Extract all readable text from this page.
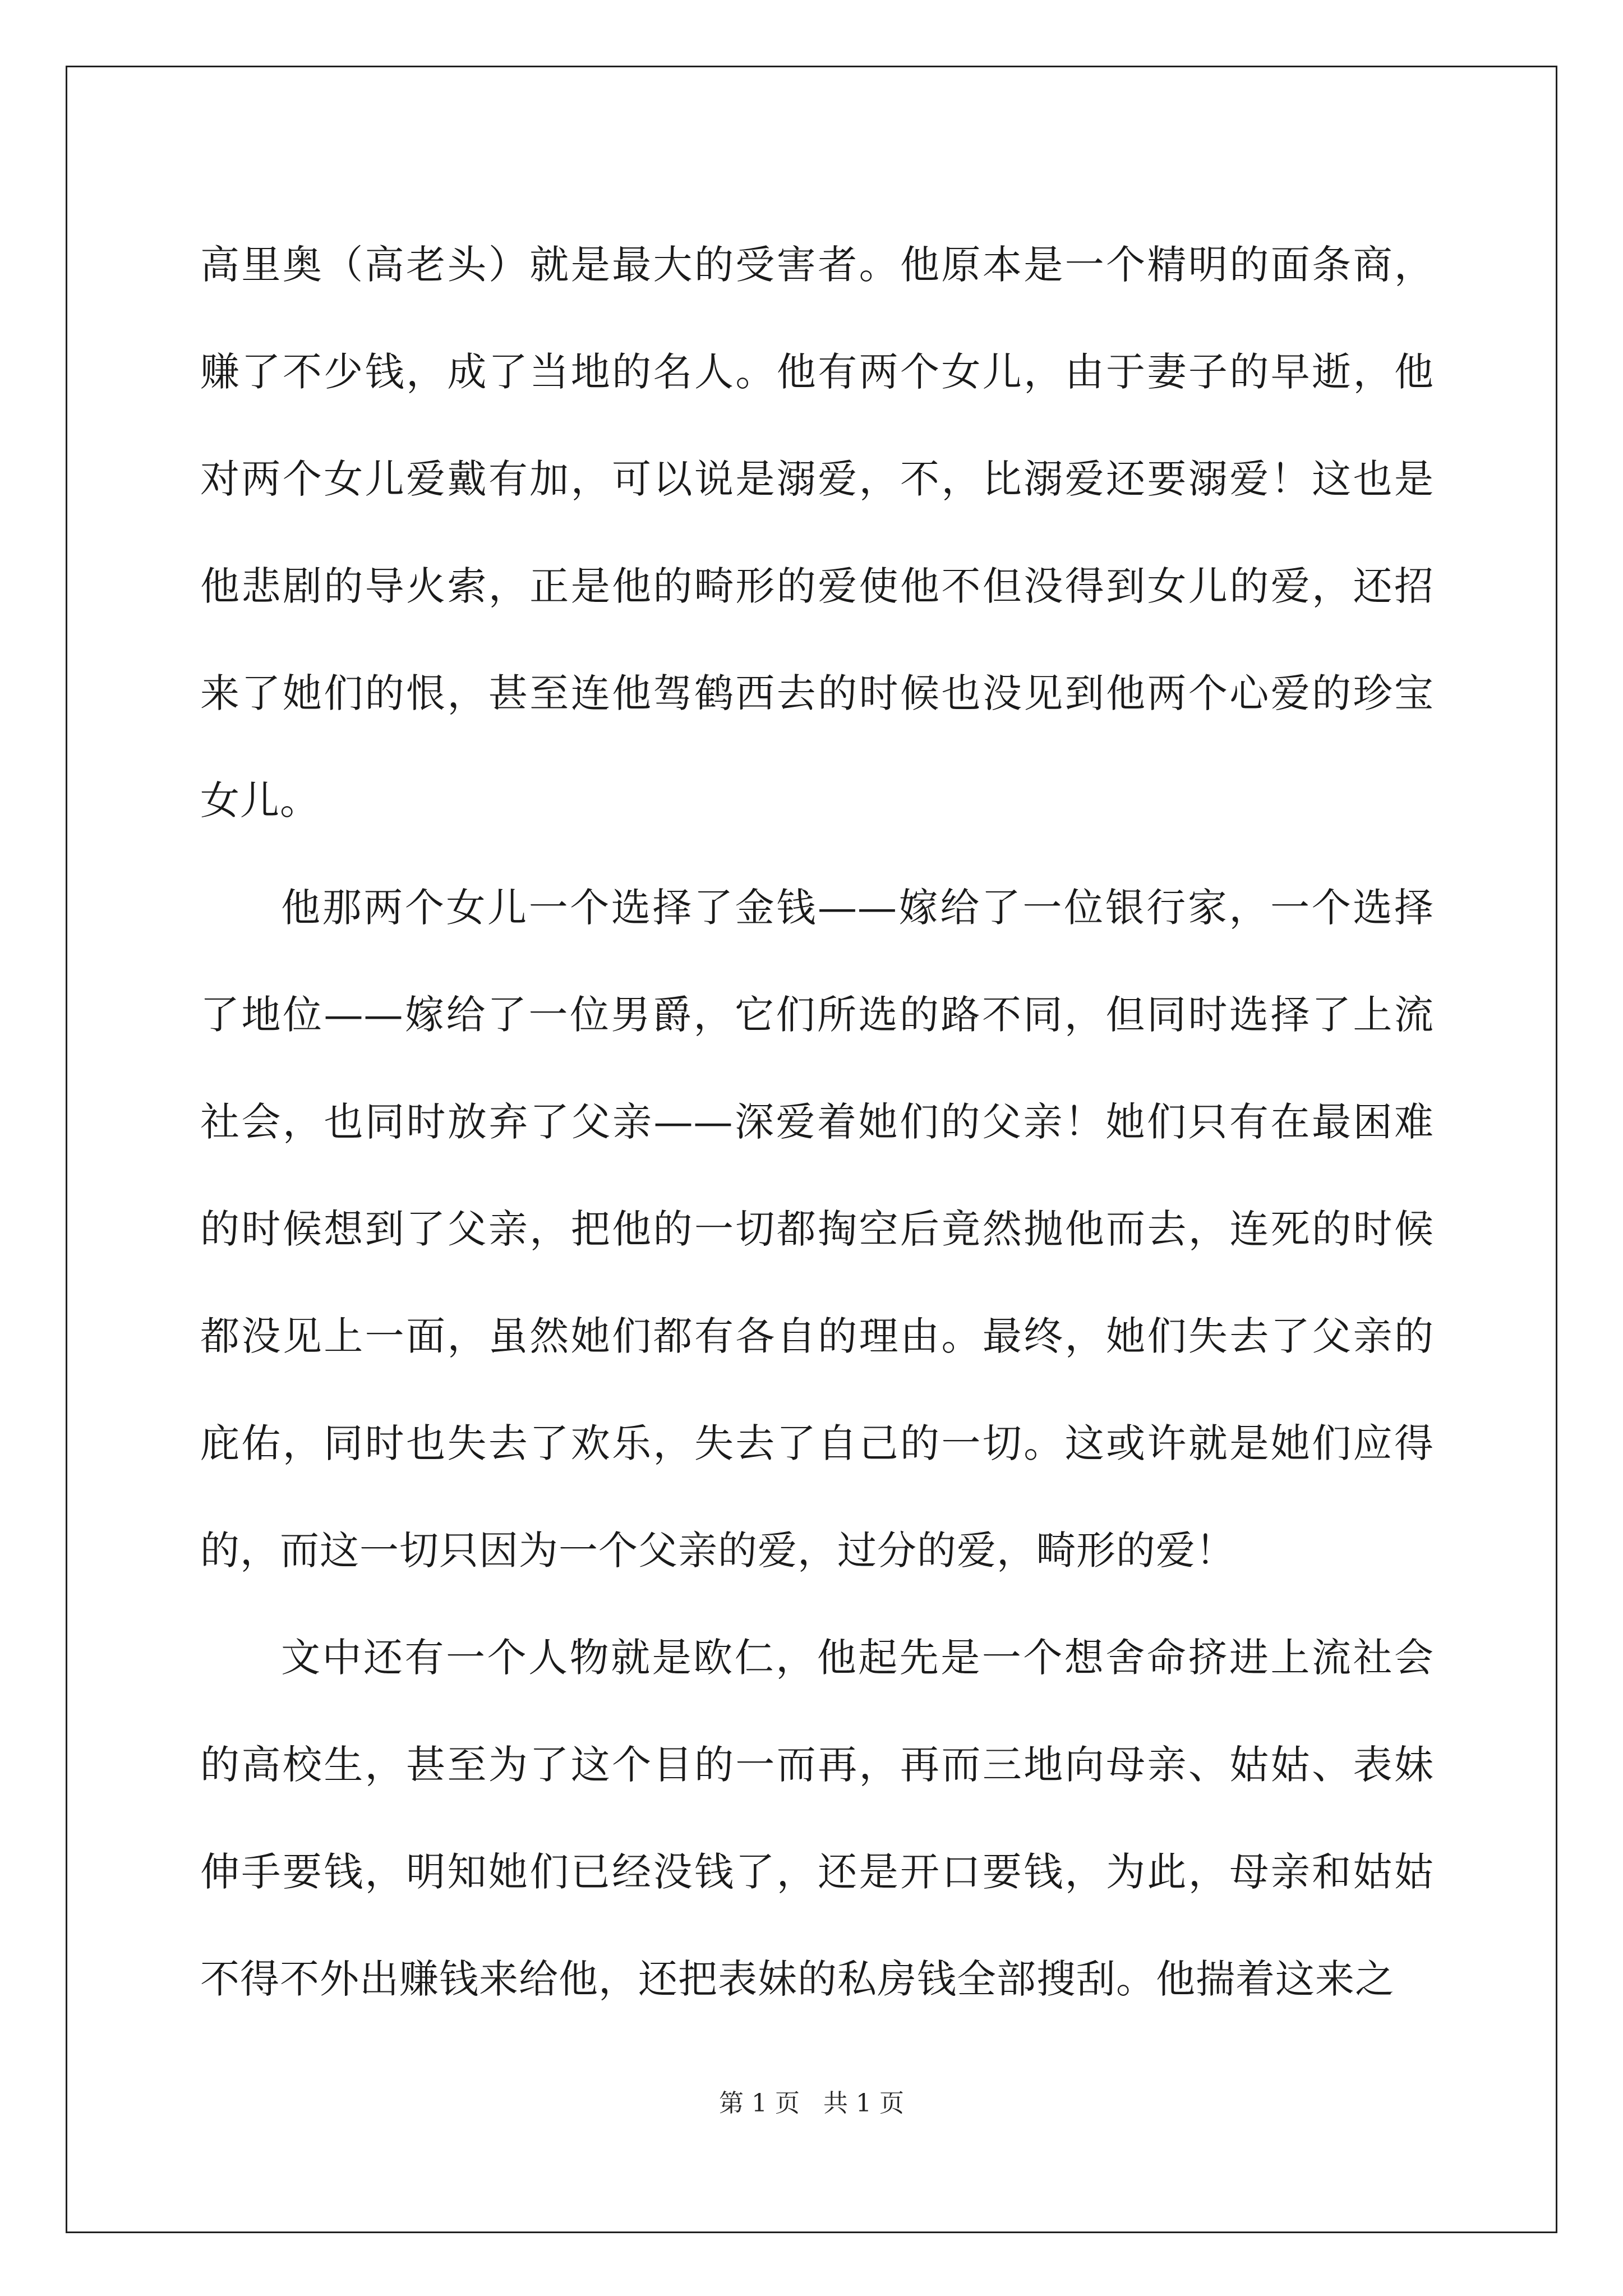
高里奥（高老头）就是最大的受害者。他原本是一个精明的面条商，赚了不少钱，成了当地的名人。他有两个女儿，由于妻子的早逝，他对两个女儿爱戴有加，可以说是溺爱，不，比溺爱还要溺爱！这也是他悲剧的导火索，正是他的畸形的爱使他不但没得到女儿的爱，还招来了她们的恨，甚至连他驾鹤西去的时候也没见到他两个心爱的珍宝女儿。

他那两个女儿一个选择了金钱——嫁给了一位银行家，一个选择了地位——嫁给了一位男爵，它们所选的路不同，但同时选择了上流社会，也同时放弃了父亲——深爱着她们的父亲！她们只有在最困难的时候想到了父亲，把他的一切都掏空后竟然抛他而去，连死的时候都没见上一面，虽然她们都有各自的理由。最终，她们失去了父亲的庇佑，同时也失去了欢乐，失去了自己的一切。这或许就是她们应得的，而这一切只因为一个父亲的爱，过分的爱，畸形的爱！

文中还有一个人物就是欧仁，他起先是一个想舍命挤进上流社会的高校生，甚至为了这个目的一而再，再而三地向母亲、姑姑、表妹伸手要钱，明知她们已经没钱了，还是开口要钱，为此，母亲和姑姑不得不外出赚钱来给他，还把表妹的私房钱全部搜刮。他揣着这来之

第 1 页 共 1 页
